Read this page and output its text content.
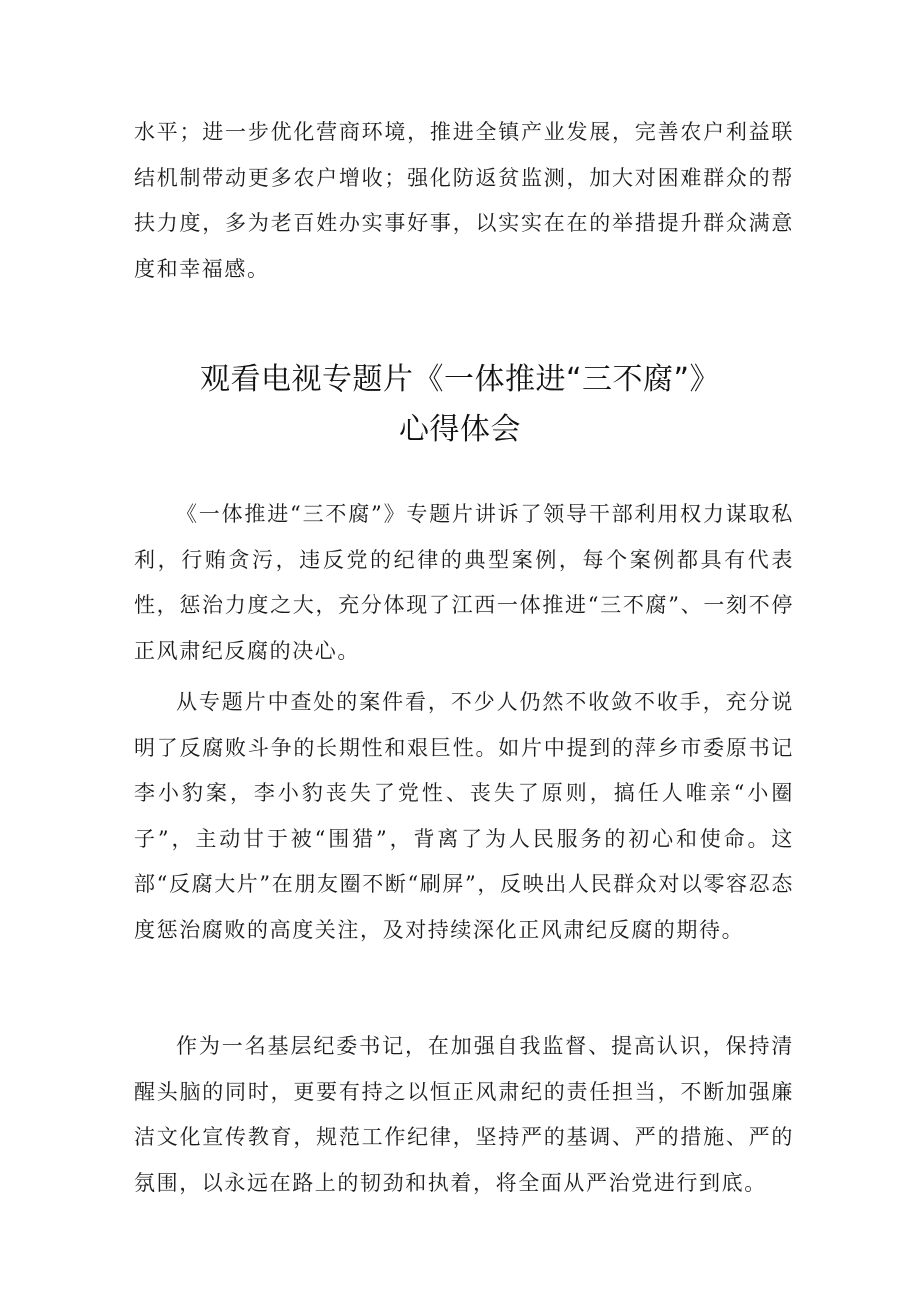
水平；进一步优化营商环境，推进全镇产业发展，完善农户利益联结机制带动更多农户增收；强化防返贫监测，加大对困难群众的帮扶力度，多为老百姓办实事好事，以实实在在的举措提升群众满意度和幸福感。

观看电视专题片《一体推进“三不腐”》
心得体会

《一体推进“三不腐”》专题片讲诉了领导干部利用权力谋取私利，行贿贪污，违反党的纪律的典型案例，每个案例都具有代表性，惩治力度之大，充分体现了江西一体推进“三不腐”、一刻不停正风肃纪反腐的决心。

从专题片中查处的案件看，不少人仍然不收敛不收手，充分说明了反腐败斗争的长期性和艰巨性。如片中提到的萍乡市委原书记李小豹案，李小豹丧失了党性、丧失了原则，搞任人唯亲“小圈子”，主动甘于被“围猎”，背离了为人民服务的初心和使命。这部“反腐大片”在朋友圈不断“刷屏”，反映出人民群众对以零容忍态度惩治腐败的高度关注，及对持续深化正风肃纪反腐的期待。

作为一名基层纪委书记，在加强自我监督、提高认识，保持清醒头脑的同时，更要有持之以恒正风肃纪的责任担当，不断加强廉洁文化宣传教育，规范工作纪律，坚持严的基调、严的措施、严的氛围，以永远在路上的韧劲和执着，将全面从严治党进行到底。
